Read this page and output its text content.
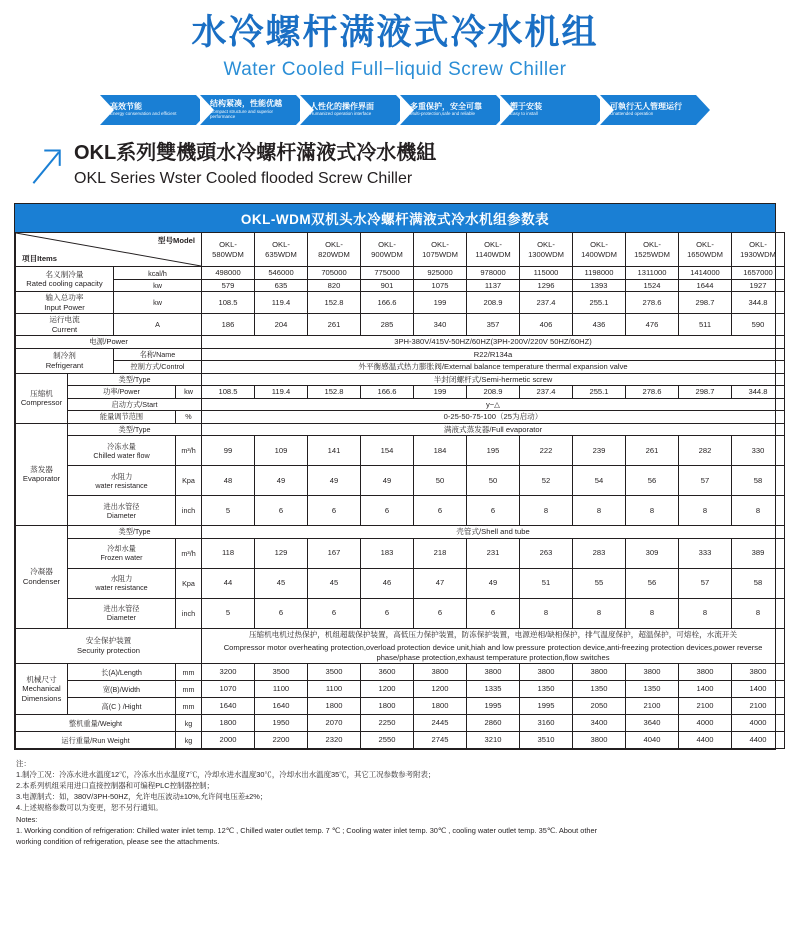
水冷螺杆满液式冷水机组
Water Cooled Full−liquid Screw Chiller
高效节能
Energy conservation and efficient
结构紧凑，性能优越
Compact structure and superior performance
人性化的操作界面
Humanized operation interface
多重保护，安全可靠
Multi-protection,safe and reliable
塑于安装
Easy to install
可執行无人管理运行
Unattended operation
OKL系列雙機頭水冷螺杆滿液式冷水機組
OKL Series Wster Cooled flooded Screw Chiller
OKL-WDM双机头水冷螺杆满液式冷水机组参数表
型号Model
项目Items				OKL-
580WDM	OKL-
635WDM	OKL-
820WDM	OKL-
900WDM	OKL-
1075WDM	OKL-
1140WDM	OKL-
1300WDM	OKL-
1400WDM	OKL-
1525WDM	OKL-
1650WDM	OKL-
1930WDM
名义制冷量
Rated cooling capacity		kcal/h		498000	546000	705000	775000	925000	978000	115000	1198000	1311000	1414000	1657000
		kw		579	635	820	901	1075	1137	1296	1393	1524	1644	1927
输入总功率
Input Power		kw		108.5	119.4	152.8	166.6	199	208.9	237.4	255.1	278.6	298.7	344.8
运行电流
Current		A		186	204	261	285	340	357	406	436	476	511	590
电源/Power				3PH-380V/415V-50HZ/60HZ(3PH-200V/220V 50HZ/60HZ)										
制冷剂
Refrigerant		名称/Name		R22/R134a										
		控制方式/Control		外平衡感温式热力膨胀阀/External balance temperature thermal expansion valve										
压缩机
Compressor	类型/Type			半封闭螺杆式/Semi-hermetic screw										
	功率/Power		kw	108.5	119.4	152.8	166.6	199	208.9	237.4	255.1	278.6	298.7	344.8
	启动方式/Start			y−△										
	能量调节范围		%	0-25-50-75-100（25为启动）										
蒸发器
Evaporator	类型/Type			满液式蒸发器/Full evaporator										
	冷冻水量
Chilled water flow		m³/h	99	109	141	154	184	195	222	239	261	282	330
	水阻力
water resistance		Kpa	48	49	49	49	50	50	52	54	56	57	58
	进出水管径
Diameter		inch	5	6	6	6	6	6	8	8	8	8	8
冷凝器
Condenser	类型/Type			壳管式/Shell and tube										
	冷却水量
Frozen water		m³/h	118	129	167	183	218	231	263	283	309	333	389
	水阻力
water resistance		Kpa	44	45	45	46	47	49	51	55	56	57	58
	进出水管径
Diameter		inch	5	6	6	6	6	6	8	8	8	8	8
安全保护装置
Security protection	
压缩机电机过热保护，机组超载保护装置，高低压力保护装置，防冻保护装置，电源逆相/缺相保护，排气温度保护，超温保护，可熔栓，水流开关
Compressor motor overheating protection,overload protection device unit,hiah and low pressure protection device,anti-freezing protection devices,power reverse phase/phase protection,exhaust temperature protection,flow switches

机械尺寸
Mechanical Dimensions	长(A)/Length		mm	3200	3500	3500	3600	3800	3800	3800	3800	3800	3800	3800
	宽(B)/Width		mm	1070	1100	1100	1200	1200	1335	1350	1350	1350	1400	1400
	高(C ) /Hight		mm	1640	1640	1800	1800	1800	1995	1995	2050	2100	2100	2100
整机重量/Weight			kg	1800	1950	2070	2250	2445	2860	3160	3400	3640	4000	4000
运行重量/Run Weight			kg	2000	2200	2320	2550	2745	3210	3510	3800	4040	4400	4400

注：

1.制冷工况：冷冻水进水温度12℃，冷冻水出水温度7℃，冷却水进水温度30℃，冷却水出水温度35℃，其它工况参数参考附表；

2.本系列机组采用进口直接控制器和可编程PLC控制器控制；

3.电源制式：如，380V/3PH-50HZ，允许电压波动±10%,允许间电压差±2%；

4.上述规格参数可以为变更，恕不另行通知。

Notes:

1. Working condition of refrigeration: Chilled water inlet temp. 12℃ , Chilled water outlet temp. 7 ℃ ; Cooling water inlet temp. 30℃ , cooling water outlet temp. 35℃. About other

working condition of refrigeration, please see the attachments.
